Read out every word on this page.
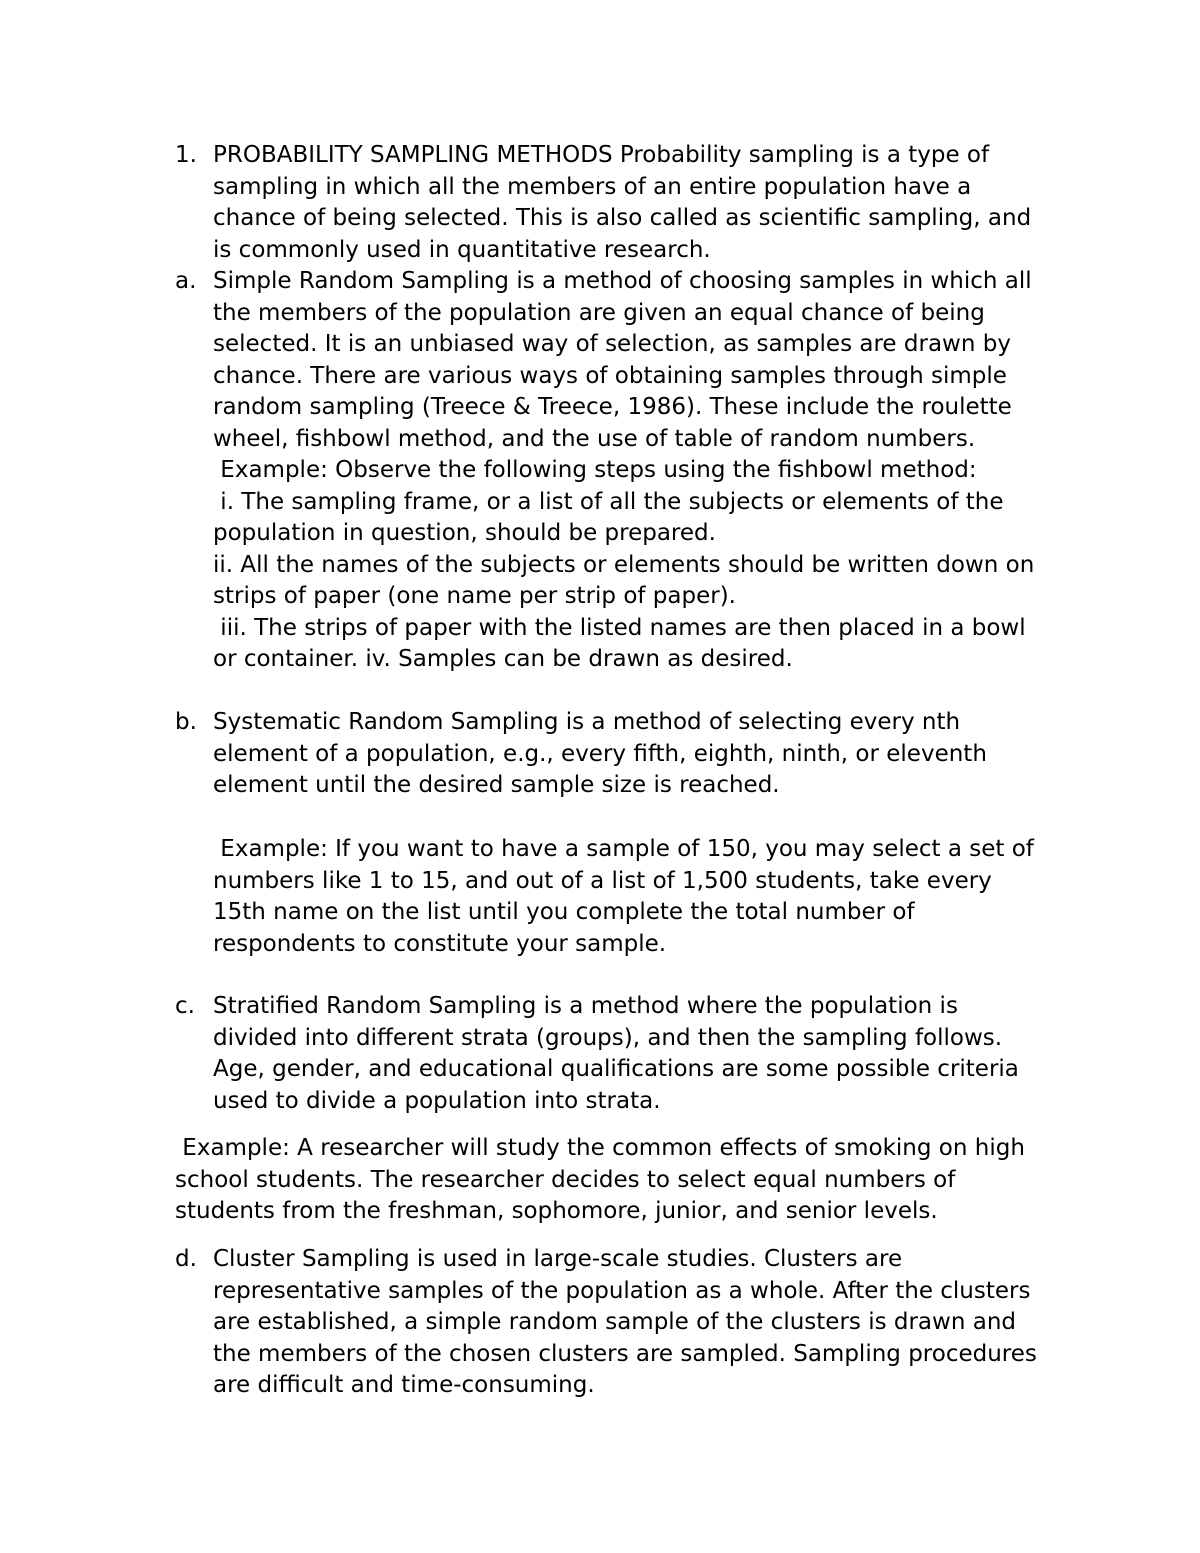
1. PROBABILITY SAMPLING METHODS Probability sampling is a type of
sampling in which all the members of an entire population have a
chance of being selected. This is also called as scientific sampling, and
is commonly used in quantitative research.
a. Simple Random Sampling is a method of choosing samples in which all
the members of the population are given an equal chance of being
selected. It is an unbiased way of selection, as samples are drawn by
chance. There are various ways of obtaining samples through simple
random sampling (Treece & Treece, 1986). These include the roulette
wheel, fishbowl method, and the use of table of random numbers.
Example: Observe the following steps using the fishbowl method:
i. The sampling frame, or a list of all the subjects or elements of the
population in question, should be prepared.
ii. All the names of the subjects or elements should be written down on
strips of paper (one name per strip of paper).
iii. The strips of paper with the listed names are then placed in a bowl
or container. iv. Samples can be drawn as desired.
b. Systematic Random Sampling is a method of selecting every nth
element of a population, e.g., every fifth, eighth, ninth, or eleventh
element until the desired sample size is reached.
Example: If you want to have a sample of 150, you may select a set of
numbers like 1 to 15, and out of a list of 1,500 students, take every
15th name on the list until you complete the total number of
respondents to constitute your sample.
c. Stratified Random Sampling is a method where the population is
divided into different strata (groups), and then the sampling follows.
Age, gender, and educational qualifications are some possible criteria
used to divide a population into strata.
Example: A researcher will study the common effects of smoking on high
school students. The researcher decides to select equal numbers of
students from the freshman, sophomore, junior, and senior levels.
d. Cluster Sampling is used in large-scale studies. Clusters are
representative samples of the population as a whole. After the clusters
are established, a simple random sample of the clusters is drawn and
the members of the chosen clusters are sampled. Sampling procedures
are difficult and time-consuming.
